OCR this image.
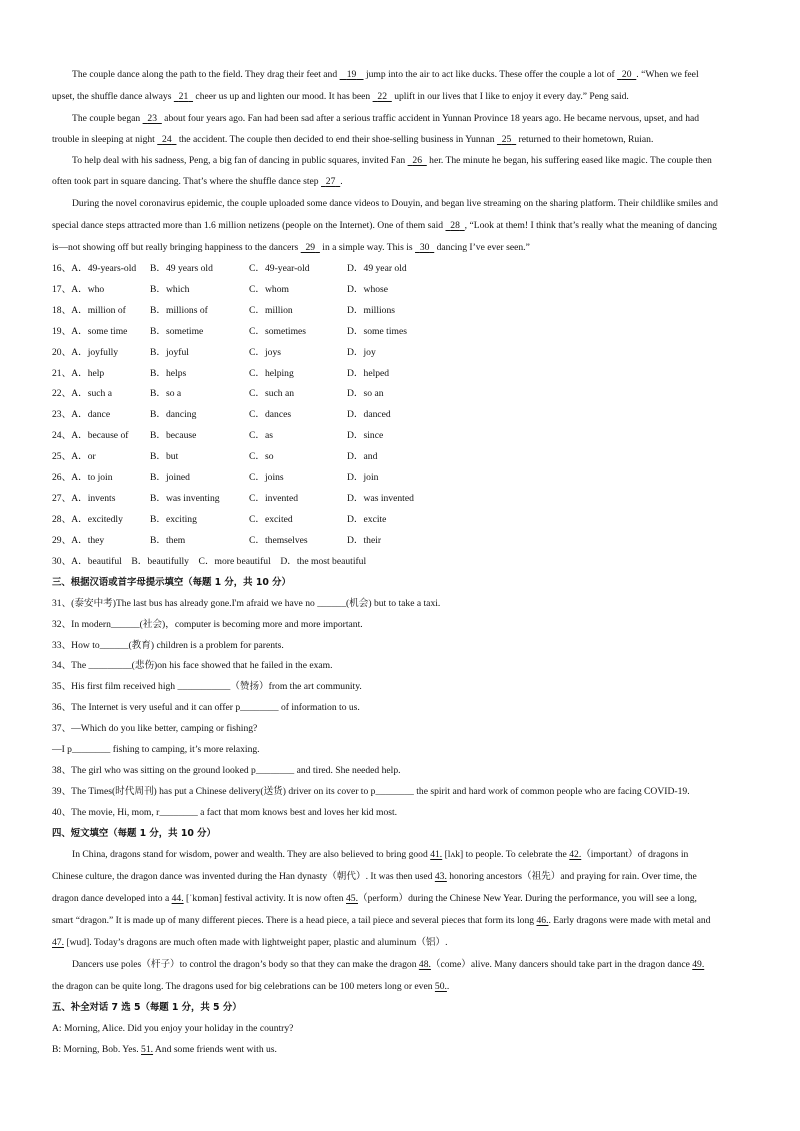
The couple dance along the path to the field. They drag their feet and    19    jump into the air to act like ducks. These offer the couple a lot of   20 . “When we feel
upset, the shuffle dance always   21   cheer us up and lighten our mood. It has been   22   uplift in our lives that I like to enjoy it every day.” Peng said.
The couple began   23   about four years ago. Fan had been sad after a serious traffic accident in Yunnan Province 18 years ago. He became nervous, upset, and had
trouble in sleeping at night   24   the accident. The couple then decided to end their shoe-selling business in Yunnan   25   returned to their hometown, Ruian.
To help deal with his sadness, Peng, a big fan of dancing in public squares, invited Fan   26   her. The minute he began, his suffering eased like magic. The couple then
often took part in square dancing. That’s where the shuffle dance step   27 .
During the novel coronavirus epidemic, the couple uploaded some dance videos to Douyin, and began live streaming on the sharing platform. Their childlike smiles and
special dance steps attracted more than 1.6 million netizens (people on the Internet). One of them said   28 , “Look at them! I think that’s really what the meaning of dancing
is—not showing off but really bringing happiness to the dancers   29   in a simple way. This is   30   dancing I’ve ever seen.”
16、A．49-years-old B．49 years old	C．49-year-old	D．49 year old
17、A．who	B．which	C．whom	D．whose
18、A．million of	B．millions of	C．million	D．millions
19、A．some time B．sometime	C．sometimes	D．some times
20、A．joyfully	B．joyful	C．joys	D．joy
21、A．help	B．helps	C．helping	D．helped
22、A．such a	B．so a	C．such an	D．so an
23、A．dance	B．dancing	C．dances	D．danced
24、A．because of B．because	C．as	D．since
25、A．or	B．but	C．so	D．and
26、A．to join	B．joined	C．joins	D．join
27、A．invents	B．was inventing	C．invented	D．was invented
28、A．excitedly	B．exciting	C．excited	D．excite
29、A．they	B．them	C．themselves	D．their
30、A．beautiful　B．beautifully　C．more beautiful　D．the most beautiful
三、根据汉语或首字母提示填空（每题 1 分，共 10 分）
31、(泰安中考)The last bus has already gone.I'm afraid we have no ______(机会) but to take a taxi.
32、In modern______(社会)，computer is becoming more and more important.
33、How to______(教育) children is a problem for parents.
34、The _________(悲伤)on his face showed that he failed in the exam.
35、His first film received high ___________（赞扬）from the art community.
36、The Internet is very useful and it can offer p________ of information to us.
37、—Which do you like better, camping or fishing?
—I p________ fishing to camping, it’s more relaxing.
38、The girl who was sitting on the ground looked p________ and tired. She needed help.
39、The Times(时代周刊) has put a Chinese delivery(送货) driver on its cover to p________ the spirit and hard work of common people who are facing COVID-19.
40、The movie, Hi, mom, r________ a fact that mom knows best and loves her kid most.
四、短文填空（每题 1 分，共 10 分）
In China, dragons stand for wisdom, power and wealth. They are also believed to bring good 41. [lʌk] to people. To celebrate the 42.（important）of dragons in
Chinese culture, the dragon dance was invented during the Han dynasty（朝代）. It was then used 43. honoring ancestors（祖先）and praying for rain. Over time, the
dragon dance developed into a 44. [ˈkɒmən] festival activity. It is now often 45.（perform）during the Chinese New Year. During the performance, you will see a long,
smart “dragon.” It is made up of many different pieces. There is a head piece, a tail piece and several pieces that form its long 46.. Early dragons were made with metal and
47. [wud]. Today’s dragons are much often made with lightweight paper, plastic and aluminum（铝）.
Dancers use poles（杆子）to control the dragon’s body so that they can make the dragon 48.（come）alive. Many dancers should take part in the dragon dance 49.
the dragon can be quite long. The dragons used for big celebrations can be 100 meters long or even 50..
五、补全对话 7 选 5（每题 1 分，共 5 分）
A: Morning, Alice. Did you enjoy your holiday in the country?
B: Morning, Bob. Yes. 51. And some friends went with us.
